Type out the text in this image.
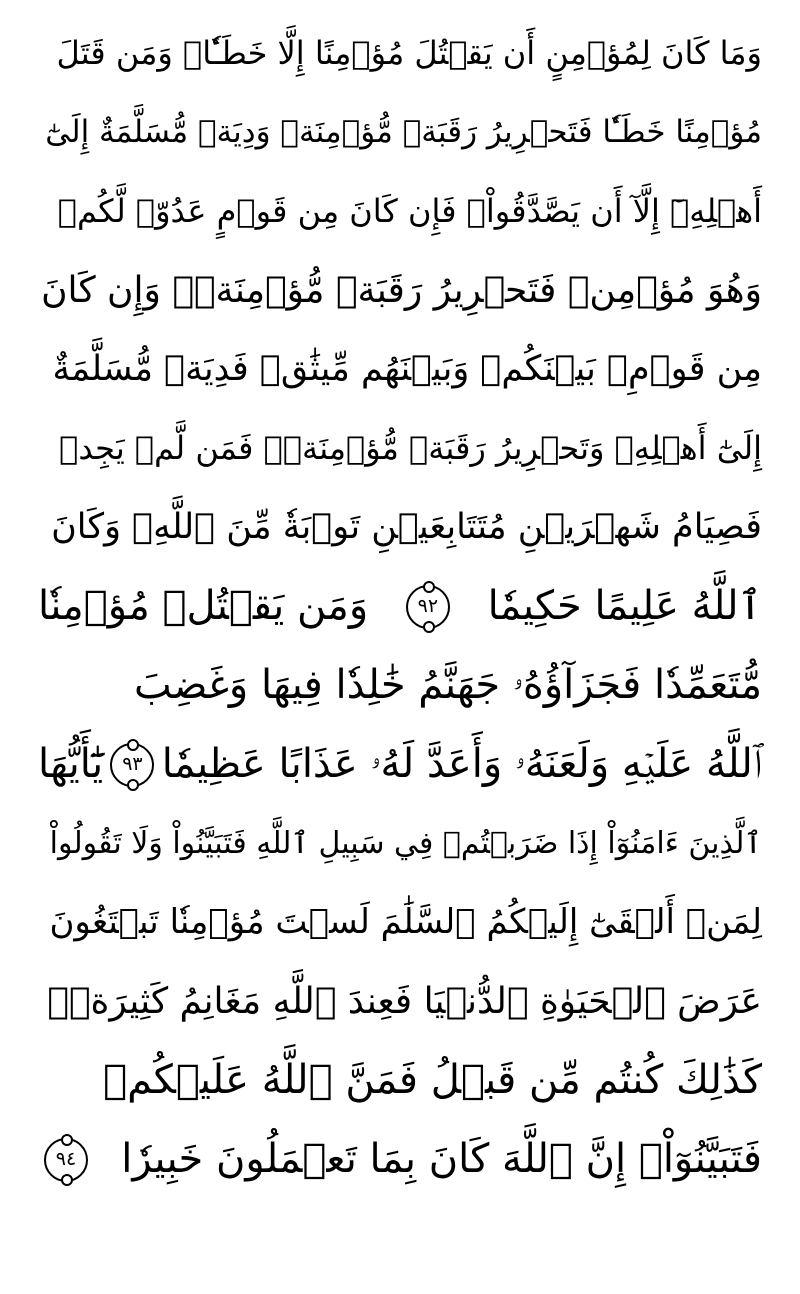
وَمَا كَانَ لِمُؤۡمِنٍ أَن يَقۡتُلَ مُؤۡمِنًا إِلَّا خَطَـٔٗاۚ وَمَن قَتَلَ
مُؤۡمِنًا خَطَـٔٗا فَتَحۡرِيرُ رَقَبَةٖ مُّؤۡمِنَةٖ وَدِيَةٞ مُّسَلَّمَةٌ إِلَىٰٓ
أَهۡلِهِۦٓ إِلَّآ أَن يَصَّدَّقُواْۚ فَإِن كَانَ مِن قَوۡمٍ عَدُوّٖ لَّكُمۡ
وَهُوَ مُؤۡمِنٞ فَتَحۡرِيرُ رَقَبَةٖ مُّؤۡمِنَةٖۖ وَإِن كَانَ
مِن قَوۡمِۭ بَيۡنَكُمۡ وَبَيۡنَهُم مِّيثَٰقٞ فَدِيَةٞ مُّسَلَّمَةٌ
إِلَىٰٓ أَهۡلِهِۦ وَتَحۡرِيرُ رَقَبَةٖ مُّؤۡمِنَةٖۖ فَمَن لَّمۡ يَجِدۡ
فَصِيَامُ شَهۡرَيۡنِ مُتَتَابِعَيۡنِ تَوۡبَةٗ مِّنَ ٱللَّهِۗ وَكَانَ
ٱللَّهُ عَلِيمًا حَكِيمٗا
٩٢
وَمَن يَقۡتُلۡ مُؤۡمِنٗا
مُّتَعَمِّدٗا فَجَزَآؤُهُۥ جَهَنَّمُ خَٰلِدٗا فِيهَا وَغَضِبَ
ٱللَّهُ عَلَيۡهِ وَلَعَنَهُۥ وَأَعَدَّ لَهُۥ عَذَابًا عَظِيمٗا
٩٣
يَٰٓأَيُّهَا
ٱلَّذِينَ ءَامَنُوٓاْ إِذَا ضَرَبۡتُمۡ فِي سَبِيلِ ٱللَّهِ فَتَبَيَّنُواْ وَلَا تَقُولُواْ
لِمَنۡ أَلۡقَىٰٓ إِلَيۡكُمُ ٱلسَّلَٰمَ لَسۡتَ مُؤۡمِنٗا تَبۡتَغُونَ
عَرَضَ ٱلۡحَيَوٰةِ ٱلدُّنۡيَا فَعِندَ ٱللَّهِ مَغَانِمُ كَثِيرَةٞۚ
كَذَٰلِكَ كُنتُم مِّن قَبۡلُ فَمَنَّ ٱللَّهُ عَلَيۡكُمۡ
فَتَبَيَّنُوٓاْۚ إِنَّ ٱللَّهَ كَانَ بِمَا تَعۡمَلُونَ خَبِيرٗا
٩٤
